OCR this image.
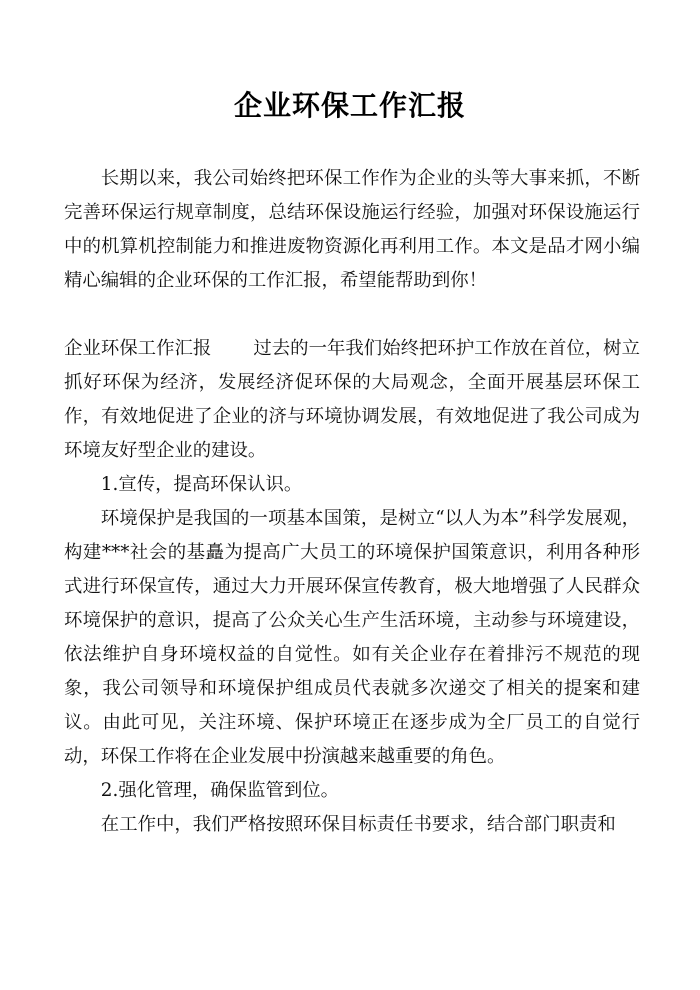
企业环保工作汇报

长期以来，我公司始终把环保工作作为企业的头等大事来抓，不断完善环保运行规章制度，总结环保设施运行经验，加强对环保设施运行中的机算机控制能力和推进废物资源化再利用工作。本文是品才网小编精心编辑的企业环保的工作汇报，希望能帮助到你！

企业环保工作汇报 过去的一年我们始终把环护工作放在首位，树立抓好环保为经济，发展经济促环保的大局观念，全面开展基层环保工作，有效地促进了企业的济与环境协调发展，有效地促进了我公司成为环境友好型企业的建设。

1.宣传，提高环保认识。

环境保护是我国的一项基本国策，是树立“以人为本”科学发展观，构建***社会的基矗为提高广大员工的环境保护国策意识，利用各种形式进行环保宣传，通过大力开展环保宣传教育，极大地增强了人民群众环境保护的意识，提高了公众关心生产生活环境，主动参与环境建设，依法维护自身环境权益的自觉性。如有关企业存在着排污不规范的现象，我公司领导和环境保护组成员代表就多次递交了相关的提案和建议。由此可见，关注环境、保护环境正在逐步成为全厂员工的自觉行动，环保工作将在企业发展中扮演越来越重要的角色。

2.强化管理，确保监管到位。

在工作中，我们严格按照环保目标责任书要求，结合部门职责和
